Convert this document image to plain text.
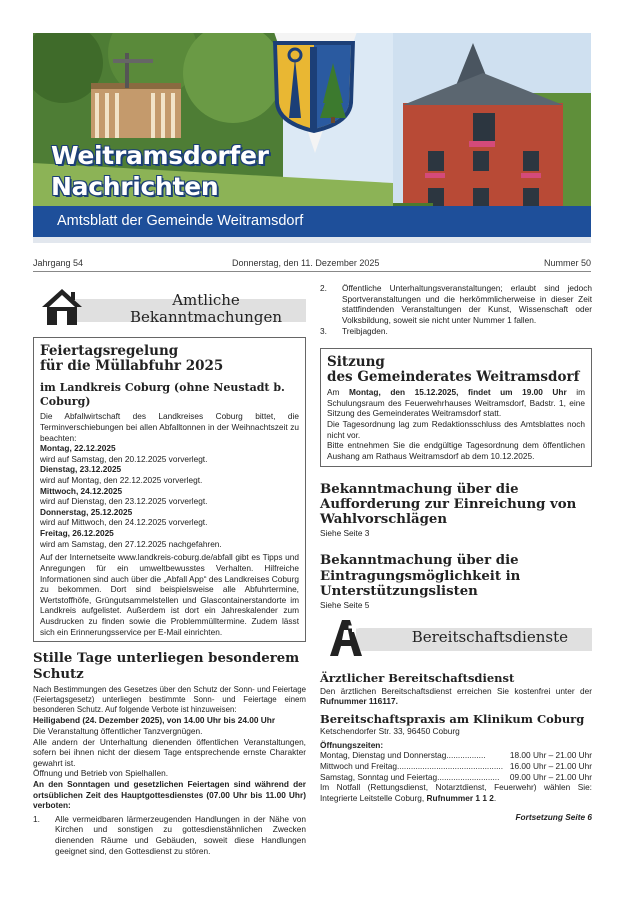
Weitramsdorfer
Nachrichten
Amtsblatt der Gemeinde Weitramsdorf
Jahrgang 54	Donnerstag, den 11. Dezember 2025	Nummer 50
Amtliche
Bekanntmachungen
Feiertagsregelung
für die Müllabfuhr 2025
im Landkreis Coburg (ohne Neustadt b. Coburg)

Die Abfallwirtschaft des Landkreises Coburg bittet, die Terminverschiebungen bei allen Abfalltonnen in der Weihnachtszeit zu beachten:

Montag, 22.12.2025
wird auf Samstag, den 20.12.2025 vorverlegt.
Dienstag, 23.12.2025
wird auf Montag, den 22.12.2025 vorverlegt.
Mittwoch, 24.12.2025
wird auf Dienstag, den 23.12.2025 vorverlegt.
Donnerstag, 25.12.2025
wird auf Mittwoch, den 24.12.2025 vorverlegt.
Freitag, 26.12.2025
wird am Samstag, den 27.12.2025 nachgefahren.

Auf der Internetseite www.landkreis-coburg.de/abfall gibt es Tipps und Anregungen für ein umweltbewusstes Verhalten. Hilfreiche Informationen sind auch über die „Abfall App“ des Landkreises Coburg zu bekommen. Dort sind beispielsweise alle Abfuhrtermine, Wertstoffhöfe, Grüngutsammelstellen und Glascontainerstandorte im Landkreis aufgelistet. Außerdem ist dort ein Jahreskalender zum Ausdrucken zu finden sowie die Problemmülltermine. Zudem lässt sich ein Erinnerungsservice per E-Mail einrichten.

Stille Tage unterliegen besonderem Schutz

Nach Bestimmungen des Gesetzes über den Schutz der Sonn- und Feiertage (Feiertagsgesetz) unterliegen bestimmte Sonn- und Feiertage einem besonderen Schutz. Auf folgende Verbote ist hinzuweisen:

Heiligabend (24. Dezember 2025), von 14.00 Uhr bis 24.00 Uhr

Die Veranstaltung öffentlicher Tanzvergnügen.

Alle andern der Unterhaltung dienenden öffentlichen Veranstaltungen, sofern bei ihnen nicht der diesem Tage entsprechende ernste Charakter gewahrt ist.

Öffnung und Betrieb von Spielhallen.

An den Sonntagen und gesetzlichen Feiertagen sind während der ortsüblichen Zeit des Hauptgottesdienstes (07.00 Uhr bis 11.00 Uhr) verboten:

1. Alle vermeidbaren lärmerzeugenden Handlungen in der Nähe von Kirchen und sonstigen zu gottesdienstähnlichen Zwecken dienenden Räume und Gebäuden, soweit diese Handlungen geeignet sind, den Gottesdienst zu stören.
2. Öffentliche Unterhaltungsveranstaltungen; erlaubt sind jedoch Sportveranstaltungen und die herkömmlicherweise in dieser Zeit stattfindenden Veranstaltungen der Kunst, Wissenschaft oder Volksbildung, soweit sie nicht unter Nummer 1 fallen.
3. Treibjagden.
Sitzung
des Gemeinderates Weitramsdorf

Am Montag, den 15.12.2025, findet um 19.00 Uhr im Schulungsraum des Feuerwehrhauses Weitramsdorf, Badstr. 1, eine Sitzung des Gemeinderates Weitramsdorf statt.

Die Tagesordnung lag zum Redaktionsschluss des Amtsblattes noch nicht vor.

Bitte entnehmen Sie die endgültige Tagesordnung dem öffentlichen Aushang am Rathaus Weitramsdorf ab dem 10.12.2025.

Bekanntmachung über die Aufforderung zur Einreichung von Wahlvorschlägen

Siehe Seite 3

Bekanntmachung über die Eintragungsmöglichkeit in Unterstützungslisten

Siehe Seite 5

Bereitschaftsdienste
Ärztlicher Bereitschaftsdienst

Den ärztlichen Bereitschaftsdienst erreichen Sie kostenfrei unter der Rufnummer 116117.

Bereitschaftspraxis am Klinikum Coburg

Ketschendorfer Str. 33, 96450 Coburg

Öffnungszeiten:

Montag, Dienstag und Donnerstag.................	18.00 Uhr – 21.00 Uhr
Mittwoch und Freitag.............................................. 16.00 Uhr – 21.00 Uhr
Samstag, Sonntag und Feiertag...........................	09.00 Uhr – 21.00 Uhr

Im Notfall (Rettungsdienst, Notarztdienst, Feuerwehr) wählen Sie: Integrierte Leitstelle Coburg, Rufnummer 1 1 2.

Fortsetzung Seite 6
